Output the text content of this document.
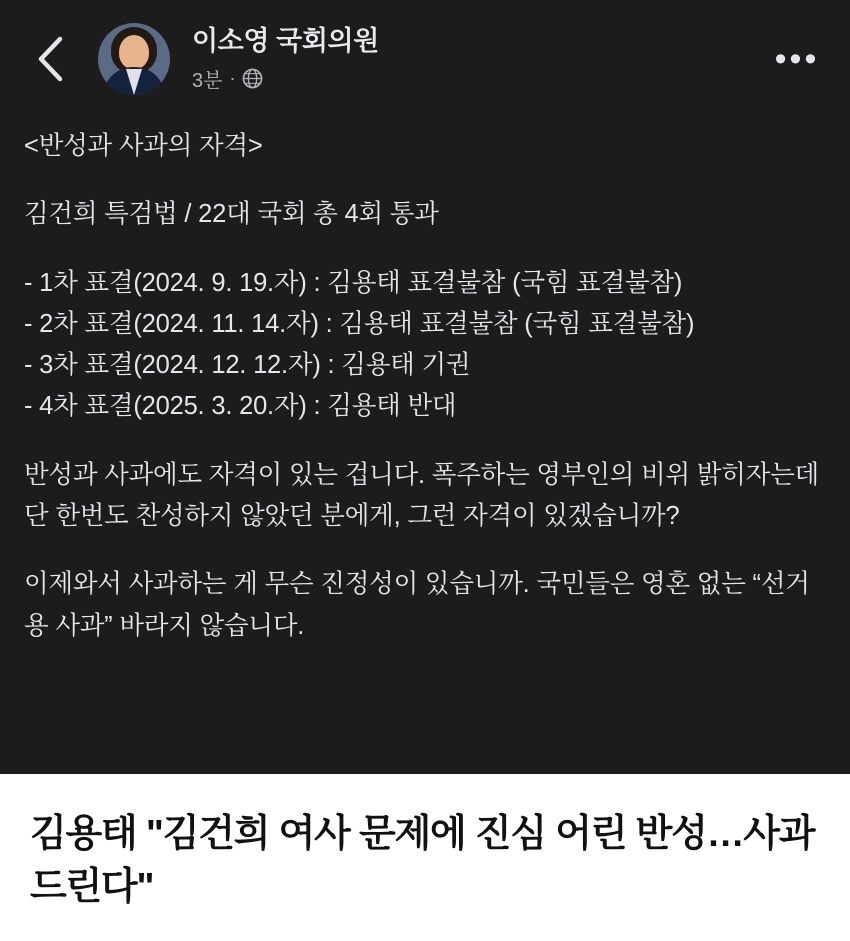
이소영 국회의원
3분 ·
•••

<반성과 사과의 자격>

김건희 특검법 / 22대 국회 총 4회 통과

- 1차 표결(2024. 9. 19.자) : 김용태 표결불참 (국힘 표결불참)

- 2차 표결(2024. 11. 14.자) : 김용태 표결불참 (국힘 표결불참)

- 3차 표결(2024. 12. 12.자) : 김용태 기권

- 4차 표결(2025. 3. 20.자) : 김용태 반대

반성과 사과에도 자격이 있는 겁니다. 폭주하는 영부인의 비위 밝히자는데 단 한번도 찬성하지 않았던 분에게, 그런 자격이 있겠습니까?

이제와서 사과하는 게 무슨 진정성이 있습니까. 국민들은 영혼 없는 “선거용 사과” 바라지 않습니다.

김용태 "김건희 여사 문제에 진심 어린 반성…사과드린다"
